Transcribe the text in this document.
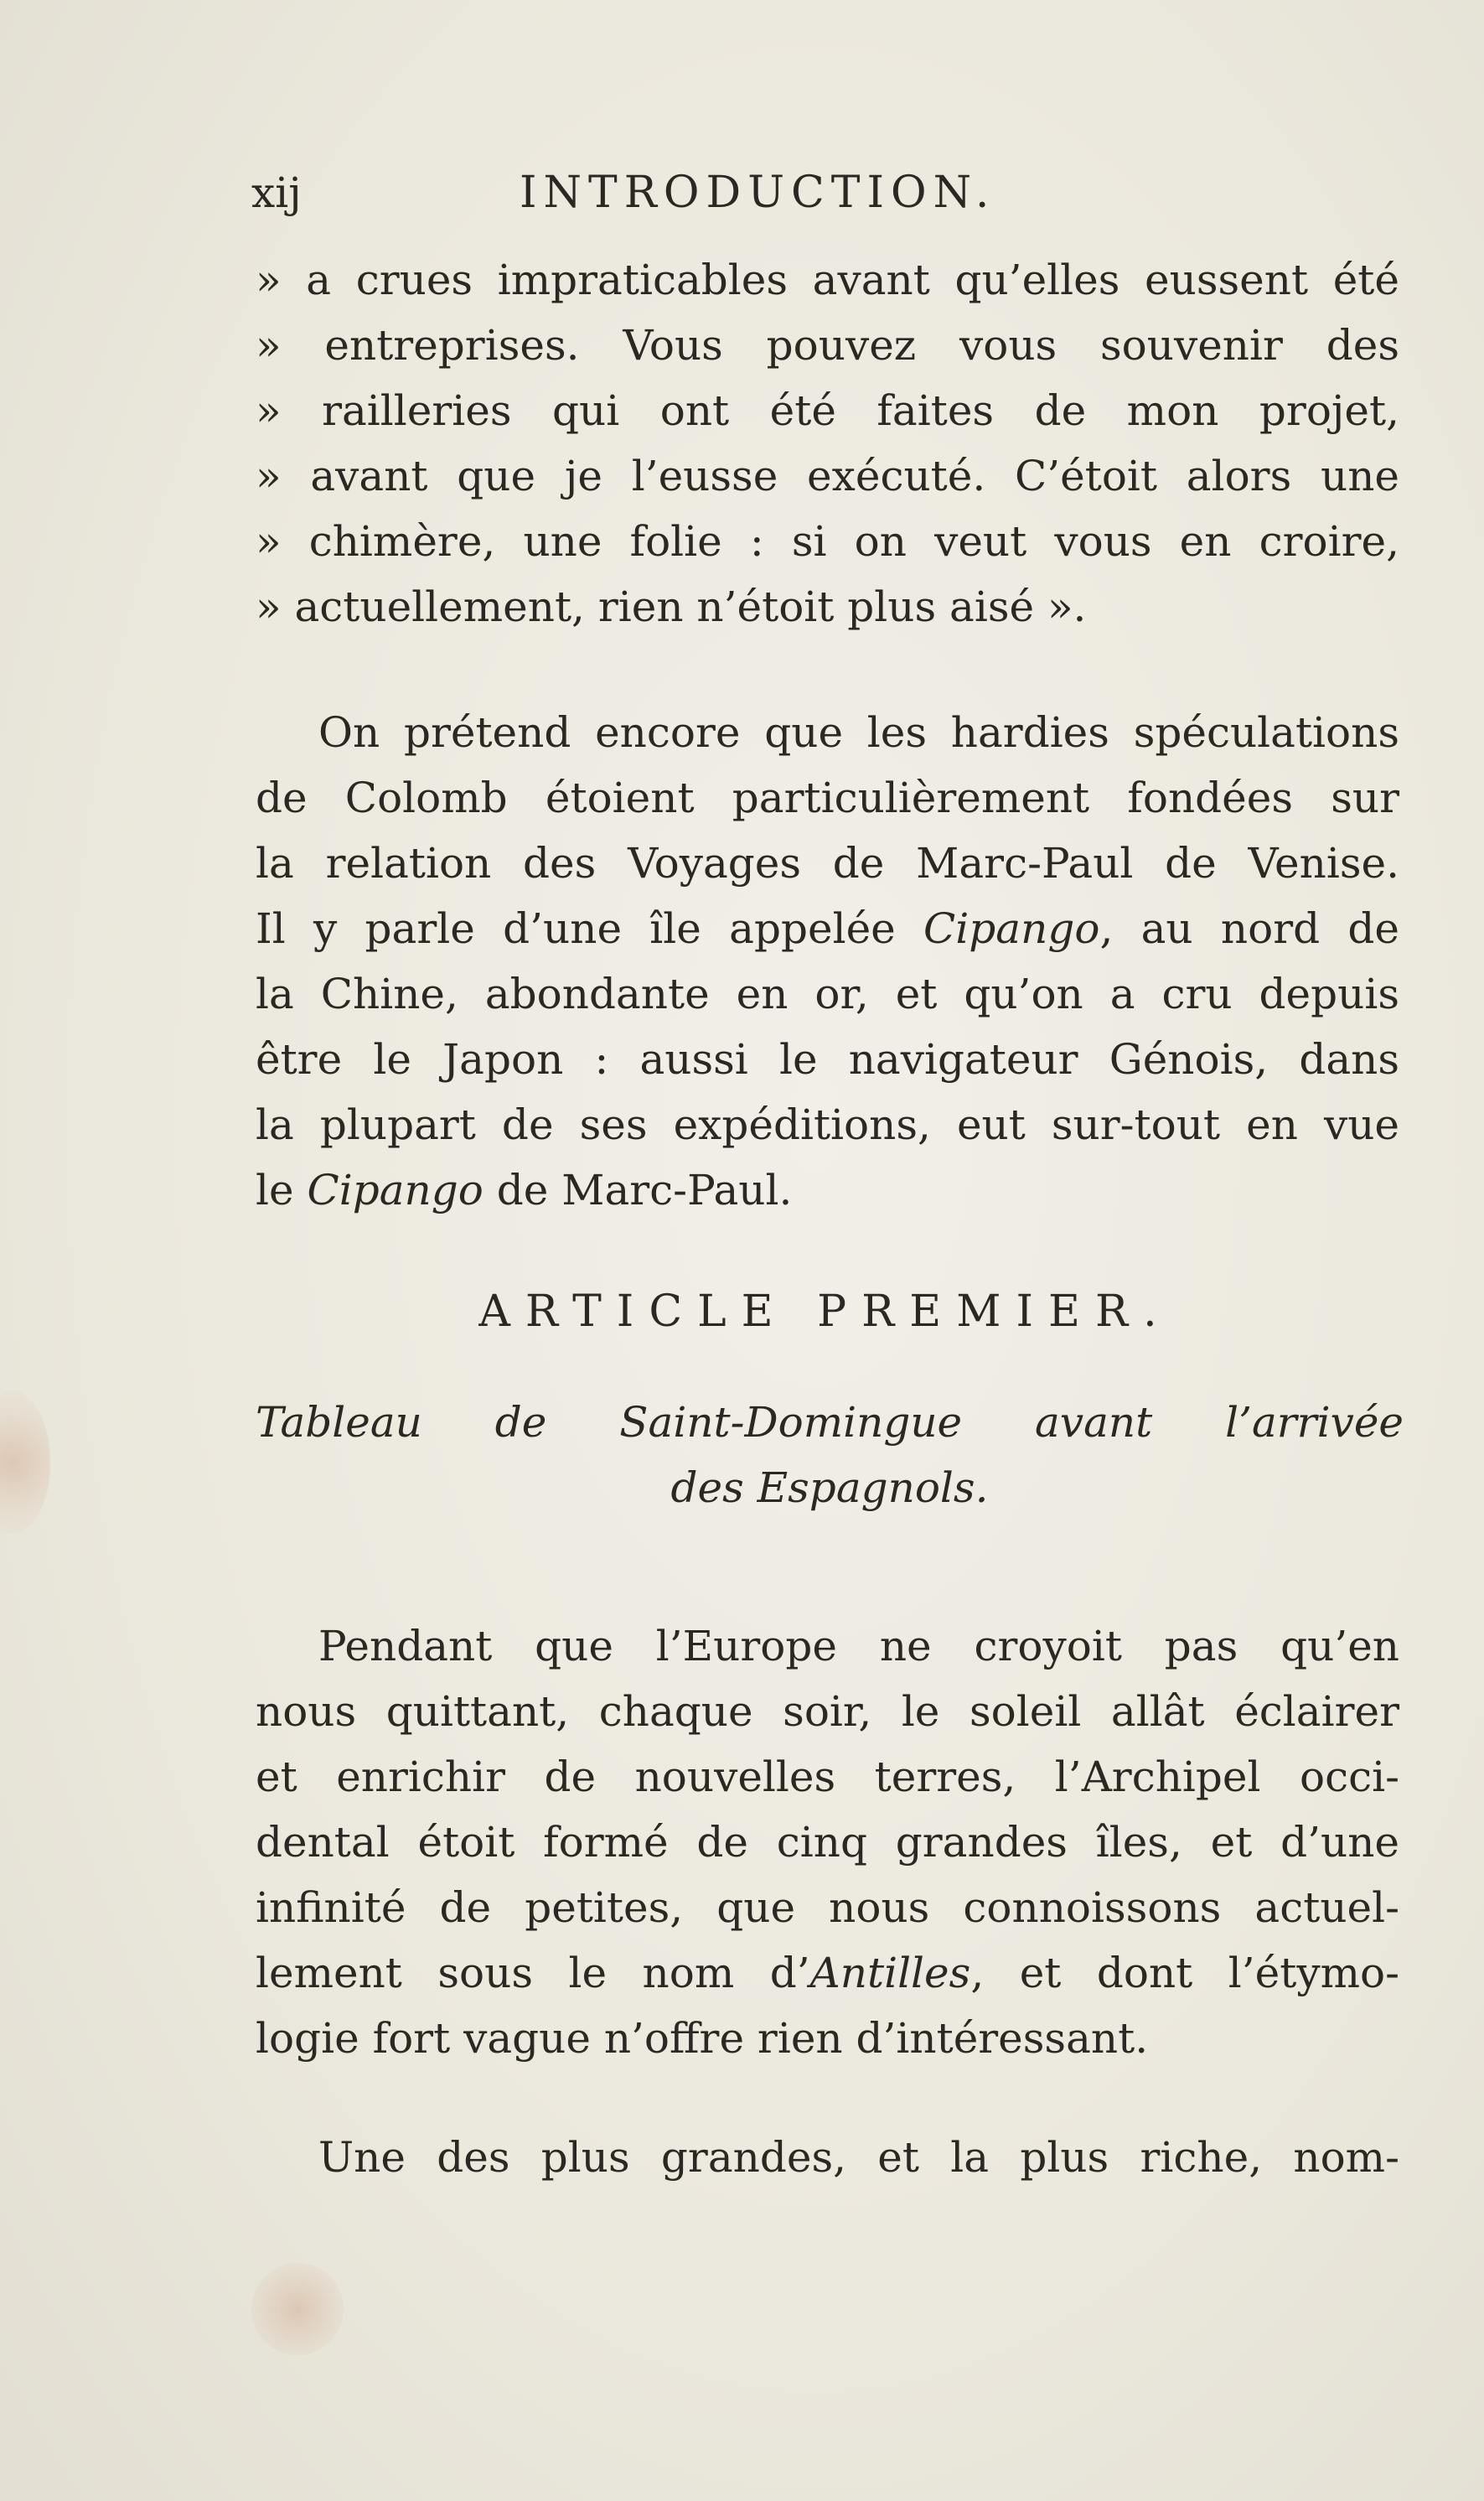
xij	INTRODUCTION.
» a crues impraticables avant qu’elles eussent été
» entreprises. Vous pouvez vous souvenir des
» railleries qui ont été faites de mon projet,
» avant que je l’eusse exécuté. C’étoit alors une
» chimère, une folie : si on veut vous en croire,
» actuellement, rien n’étoit plus aisé ».
On prétend encore que les hardies spéculations
de Colomb étoient particulièrement fondées sur
la relation des Voyages de Marc-Paul de Venise.
Il y parle d’une île appelée Cipango, au nord de
la Chine, abondante en or, et qu’on a cru depuis
être le Japon : aussi le navigateur Génois, dans
la plupart de ses expéditions, eut sur-tout en vue
le Cipango de Marc-Paul.
ARTICLE PREMIER.
Tableau de Saint-Domingue avant l’arrivée
des Espagnols.
Pendant que l’Europe ne croyoit pas qu’en
nous quittant, chaque soir, le soleil allât éclairer
et enrichir de nouvelles terres, l’Archipel occi-
dental étoit formé de cinq grandes îles, et d’une
infinité de petites, que nous connoissons actuel-
lement sous le nom d’Antilles, et dont l’étymo-
logie fort vague n’offre rien d’intéressant.
Une des plus grandes, et la plus riche, nom-
